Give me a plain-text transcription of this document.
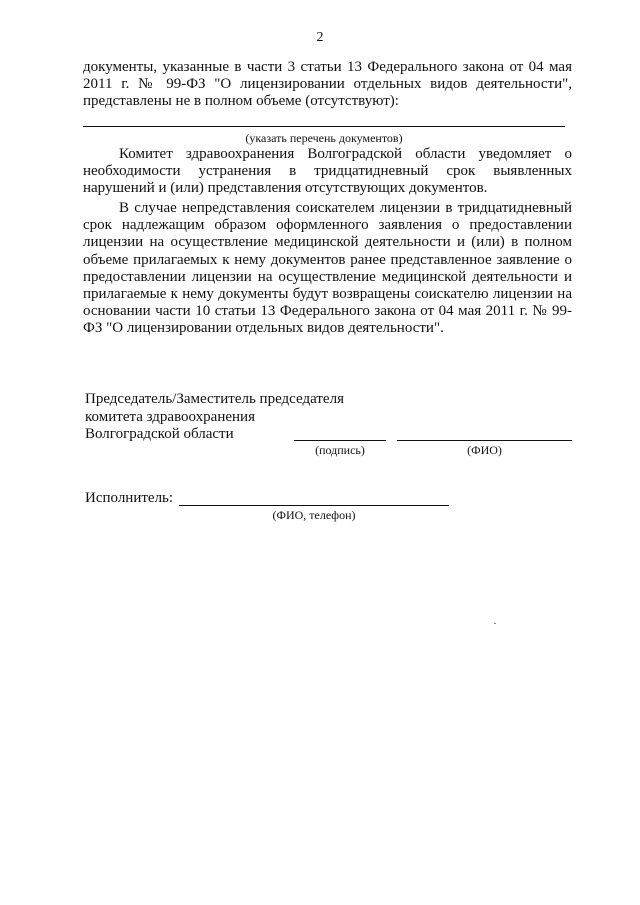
2

документы, указанные в части 3 статьи 13 Федерального закона от 04 мая 2011 г. № 99-ФЗ "О лицензировании отдельных видов деятельности", представлены не в полном объеме (отсутствуют):

(указать перечень документов)

Комитет здравоохранения Волгоградской области уведомляет о необходимости устранения в тридцатидневный срок выявленных нарушений и (или) представления отсутствующих документов.

В случае непредставления соискателем лицензии в тридцатидневный срок надлежащим образом оформленного заявления о предоставлении лицензии на осуществление медицинской деятельности и (или) в полном объеме прилагаемых к нему документов ранее представленное заявление о предоставлении лицензии на осуществление медицинской деятельности и прилагаемые к нему документы будут возвращены соискателю лицензии на основании части 10 статьи 13 Федерального закона от 04 мая 2011 г. № 99-ФЗ "О лицензировании отдельных видов деятельности".

Председатель/Заместитель председателя
комитета здравоохранения
Волгоградской области
(подпись)	(ФИО)
Исполнитель:
(ФИО, телефон)
